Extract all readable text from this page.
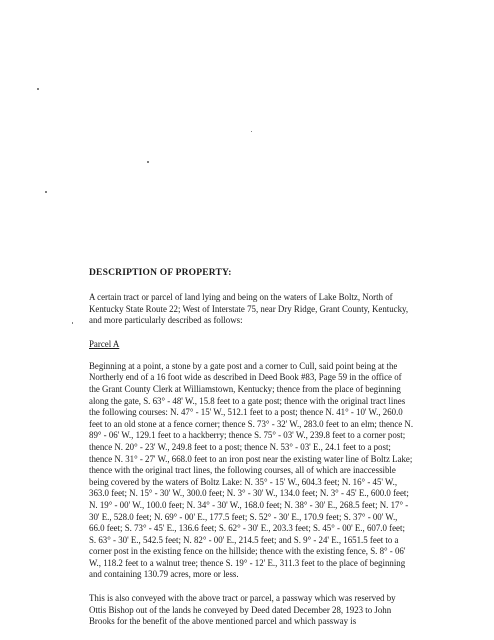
DESCRIPTION OF PROPERTY:

A certain tract or parcel of land lying and being on the waters of Lake Boltz, North of Kentucky State Route 22; West of Interstate 75, near Dry Ridge, Grant County, Kentucky, and more particularly described as follows:

Parcel A

Beginning at a point, a stone by a gate post and a corner to Cull, said point being at the Northerly end of a 16 foot wide as described in Deed Book #83, Page 59 in the office of the Grant County Clerk at Williamstown, Kentucky; thence from the place of beginning along the gate, S. 63° - 48' W., 15.8 feet to a gate post; thence with the original tract lines the following courses: N. 47° - 15' W., 512.1 feet to a post; thence N. 41° - 10' W., 260.0 feet to an old stone at a fence corner; thence S. 73° - 32' W., 283.0 feet to an elm; thence N. 89° - 06' W., 129.1 feet to a hackberry; thence S. 75° - 03' W., 239.8 feet to a corner post; thence N. 20° - 23' W., 249.8 feet to a post; thence N. 53° - 03' E., 24.1 feet to a post; thence N. 31° - 27' W., 668.0 feet to an iron post near the existing water line of Boltz Lake; thence with the original tract lines, the following courses, all of which are inaccessible being covered by the waters of Boltz Lake: N. 35° - 15' W., 604.3 feet; N. 16° - 45' W., 363.0 feet; N. 15° - 30' W., 300.0 feet; N. 3° - 30' W., 134.0 feet; N. 3° - 45' E., 600.0 feet; N. 19° - 00' W., 100.0 feet; N. 34° - 30' W., 168.0 feet; N. 38° - 30' E., 268.5 feet; N. 17° - 30' E., 528.0 feet; N. 69° - 00' E., 177.5 feet; S. 52° - 30' E., 170.9 feet; S. 37° - 00' W., 66.0 feet; S. 73° - 45' E., 136.6 feet; S. 62° - 30' E., 203.3 feet; S. 45° - 00' E., 607.0 feet; S. 63° - 30' E., 542.5 feet; N. 82° - 00' E., 214.5 feet; and S. 9° - 24' E., 1651.5 feet to a corner post in the existing fence on the hillside; thence with the existing fence, S. 8° - 06' W., 118.2 feet to a walnut tree; thence S. 19° - 12' E., 311.3 feet to the place of beginning and containing 130.79 acres, more or less.

This is also conveyed with the above tract or parcel, a passway which was reserved by Ottis Bishop out of the lands he conveyed by Deed dated December 28, 1923 to John Brooks for the benefit of the above mentioned parcel and which passway is
